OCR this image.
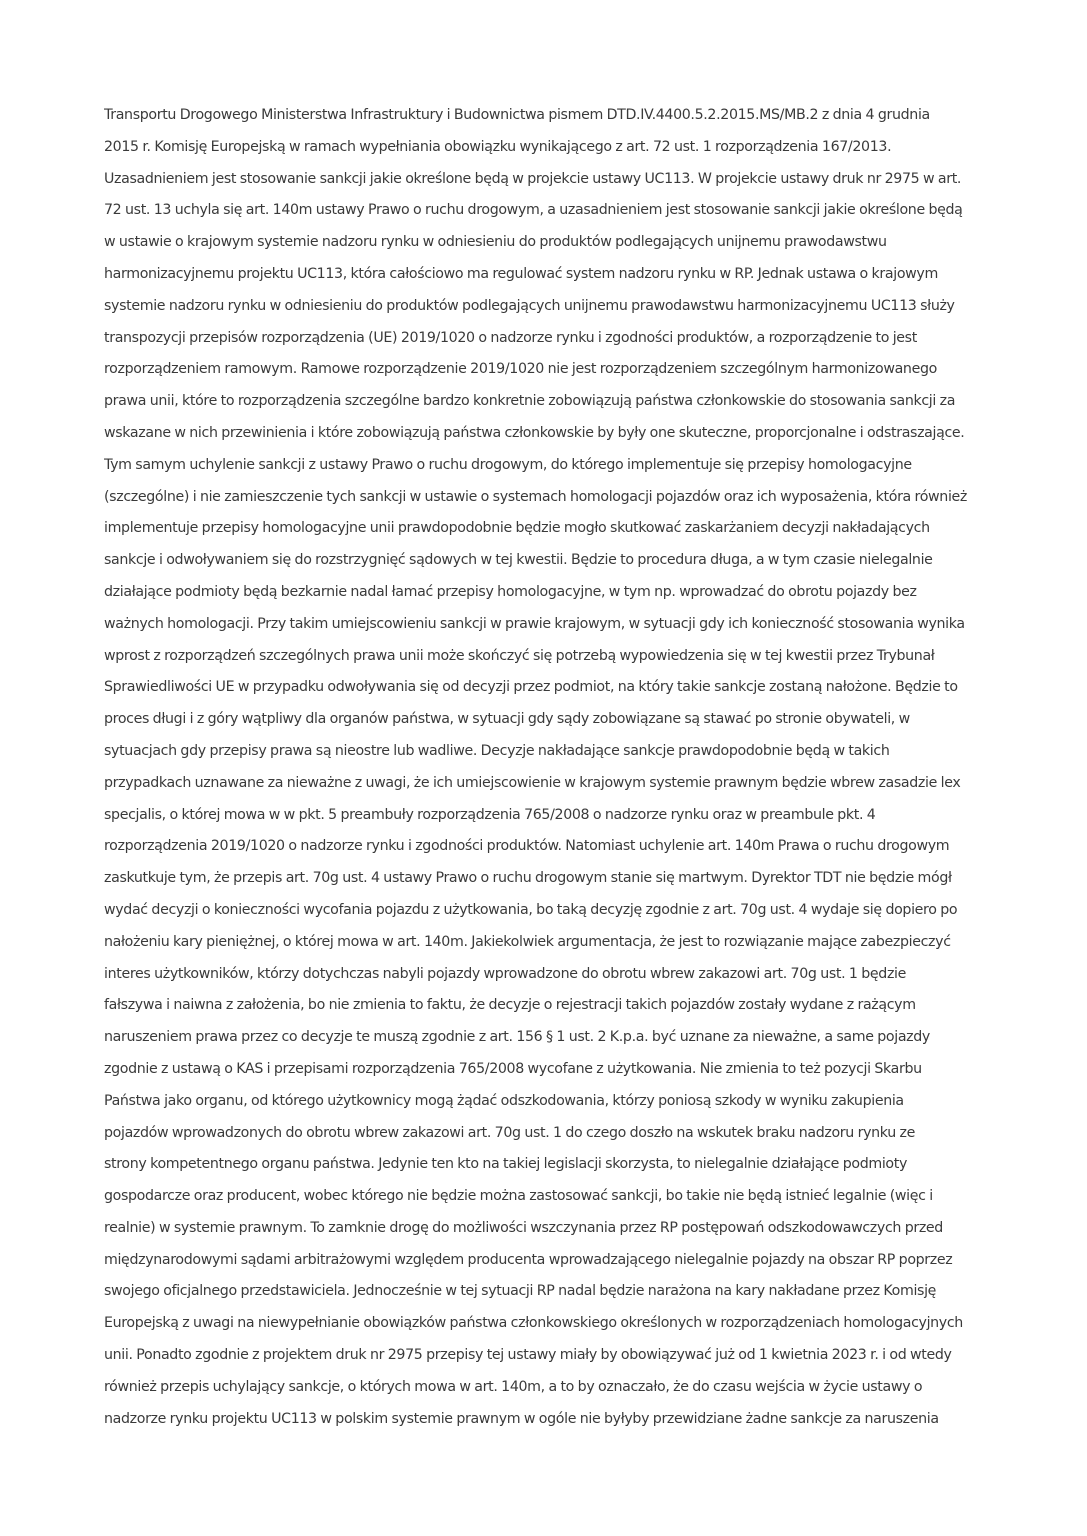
Transportu Drogowego Ministerstwa Infrastruktury i Budownictwa pismem DTD.IV.4400.5.2.2015.MS/MB.2 z dnia 4 grudnia
2015 r. Komisję Europejską w ramach wypełniania obowiązku wynikającego z art. 72 ust. 1 rozporządzenia 167/2013.
Uzasadnieniem jest stosowanie sankcji jakie określone będą w projekcie ustawy UC113. W projekcie ustawy druk nr 2975 w art.
72 ust. 13 uchyla się art. 140m ustawy Prawo o ruchu drogowym, a uzasadnieniem jest stosowanie sankcji jakie określone będą
w ustawie o krajowym systemie nadzoru rynku w odniesieniu do produktów podlegających unijnemu prawodawstwu
harmonizacyjnemu projektu UC113, która całościowo ma regulować system nadzoru rynku w RP. Jednak ustawa o krajowym
systemie nadzoru rynku w odniesieniu do produktów podlegających unijnemu prawodawstwu harmonizacyjnemu UC113 służy
transpozycji przepisów rozporządzenia (UE) 2019/1020 o nadzorze rynku i zgodności produktów, a rozporządzenie to jest
rozporządzeniem ramowym. Ramowe rozporządzenie 2019/1020 nie jest rozporządzeniem szczególnym harmonizowanego
prawa unii, które to rozporządzenia szczególne bardzo konkretnie zobowiązują państwa członkowskie do stosowania sankcji za
wskazane w nich przewinienia i które zobowiązują państwa członkowskie by były one skuteczne, proporcjonalne i odstraszające.
Tym samym uchylenie sankcji z ustawy Prawo o ruchu drogowym, do którego implementuje się przepisy homologacyjne
(szczególne) i nie zamieszczenie tych sankcji w ustawie o systemach homologacji pojazdów oraz ich wyposażenia, która również
implementuje przepisy homologacyjne unii prawdopodobnie będzie mogło skutkować zaskarżaniem decyzji nakładających
sankcje i odwoływaniem się do rozstrzygnięć sądowych w tej kwestii. Będzie to procedura długa, a w tym czasie nielegalnie
działające podmioty będą bezkarnie nadal łamać przepisy homologacyjne, w tym np. wprowadzać do obrotu pojazdy bez
ważnych homologacji. Przy takim umiejscowieniu sankcji w prawie krajowym, w sytuacji gdy ich konieczność stosowania wynika
wprost z rozporządzeń szczególnych prawa unii może skończyć się potrzebą wypowiedzenia się w tej kwestii przez Trybunał
Sprawiedliwości UE w przypadku odwoływania się od decyzji przez podmiot, na który takie sankcje zostaną nałożone. Będzie to
proces długi i z góry wątpliwy dla organów państwa, w sytuacji gdy sądy zobowiązane są stawać po stronie obywateli, w
sytuacjach gdy przepisy prawa są nieostre lub wadliwe. Decyzje nakładające sankcje prawdopodobnie będą w takich
przypadkach uznawane za nieważne z uwagi, że ich umiejscowienie w krajowym systemie prawnym będzie wbrew zasadzie lex
specjalis, o której mowa w w pkt. 5 preambuły rozporządzenia 765/2008 o nadzorze rynku oraz w preambule pkt. 4
rozporządzenia 2019/1020 o nadzorze rynku i zgodności produktów. Natomiast uchylenie art. 140m Prawa o ruchu drogowym
zaskutkuje tym, że przepis art. 70g ust. 4 ustawy Prawo o ruchu drogowym stanie się martwym. Dyrektor TDT nie będzie mógł
wydać decyzji o konieczności wycofania pojazdu z użytkowania, bo taką decyzję zgodnie z art. 70g ust. 4 wydaje się dopiero po
nałożeniu kary pieniężnej, o której mowa w art. 140m. Jakiekolwiek argumentacja, że jest to rozwiązanie mające zabezpieczyć
interes użytkowników, którzy dotychczas nabyli pojazdy wprowadzone do obrotu wbrew zakazowi art. 70g ust. 1 będzie
fałszywa i naiwna z założenia, bo nie zmienia to faktu, że decyzje o rejestracji takich pojazdów zostały wydane z rażącym
naruszeniem prawa przez co decyzje te muszą zgodnie z art. 156 § 1 ust. 2 K.p.a. być uznane za nieważne, a same pojazdy
zgodnie z ustawą o KAS i przepisami rozporządzenia 765/2008 wycofane z użytkowania. Nie zmienia to też pozycji Skarbu
Państwa jako organu, od którego użytkownicy mogą żądać odszkodowania, którzy poniosą szkody w wyniku zakupienia
pojazdów wprowadzonych do obrotu wbrew zakazowi art. 70g ust. 1 do czego doszło na wskutek braku nadzoru rynku ze
strony kompetentnego organu państwa. Jedynie ten kto na takiej legislacji skorzysta, to nielegalnie działające podmioty
gospodarcze oraz producent, wobec którego nie będzie można zastosować sankcji, bo takie nie będą istnieć legalnie (więc i
realnie) w systemie prawnym. To zamknie drogę do możliwości wszczynania przez RP postępowań odszkodowawczych przed
międzynarodowymi sądami arbitrażowymi względem producenta wprowadzającego nielegalnie pojazdy na obszar RP poprzez
swojego oficjalnego przedstawiciela. Jednocześnie w tej sytuacji RP nadal będzie narażona na kary nakładane przez Komisję
Europejską z uwagi na niewypełnianie obowiązków państwa członkowskiego określonych w rozporządzeniach homologacyjnych
unii. Ponadto zgodnie z projektem druk nr 2975 przepisy tej ustawy miały by obowiązywać już od 1 kwietnia 2023 r. i od wtedy
również przepis uchylający sankcje, o których mowa w art. 140m, a to by oznaczało, że do czasu wejścia w życie ustawy o
nadzorze rynku projektu UC113 w polskim systemie prawnym w ogóle nie byłyby przewidziane żadne sankcje za naruszenia
